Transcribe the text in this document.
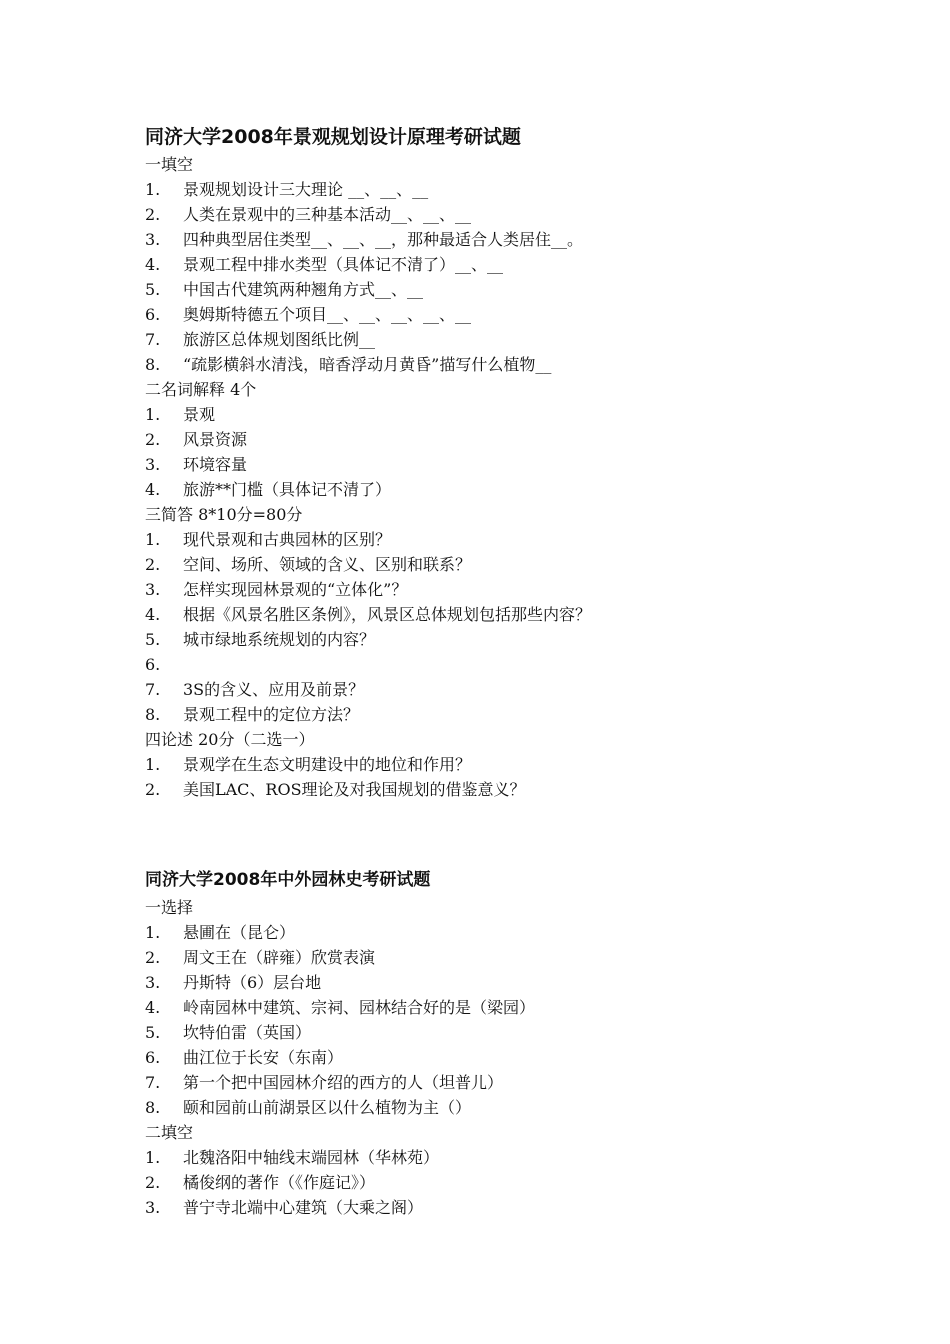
同济大学2008年景观规划设计原理考研试题
一填空
1.	景观规划设计三大理论 __、__、__
2.	人类在景观中的三种基本活动__、__、__
3.	四种典型居住类型__、__、__，那种最适合人类居住__。
4.	景观工程中排水类型（具体记不清了）__、__
5.	中国古代建筑两种翘角方式__、__
6.	奥姆斯特德五个项目__、__、__、__、__
7.	旅游区总体规划图纸比例__
8.	“疏影横斜水清浅，暗香浮动月黄昏”描写什么植物__
二名词解释 4个
1.	景观
2.	风景资源
3.	环境容量
4.	旅游**门槛（具体记不清了）
三简答 8*10分=80分
1.	现代景观和古典园林的区别？
2.	空间、场所、领域的含义、区别和联系？
3.	怎样实现园林景观的“立体化”？
4.	根据《风景名胜区条例》，风景区总体规划包括那些内容？
5.	城市绿地系统规划的内容？
6.
7.	3S的含义、应用及前景？
8.	景观工程中的定位方法？
四论述 20分（二选一）
1.	景观学在生态文明建设中的地位和作用？
2.	美国LAC、ROS理论及对我国规划的借鉴意义？
同济大学2008年中外园林史考研试题
一选择
1.	悬圃在（昆仑）
2.	周文王在（辟雍）欣赏表演
3.	丹斯特（6）层台地
4.	岭南园林中建筑、宗祠、园林结合好的是（梁园）
5.	坎特伯雷（英国）
6.	曲江位于长安（东南）
7.	第一个把中国园林介绍的西方的人（坦普儿）
8.	颐和园前山前湖景区以什么植物为主（）
二填空
1.	北魏洛阳中轴线末端园林（华林苑）
2.	橘俊纲的著作（《作庭记》）
3.	普宁寺北端中心建筑（大乘之阁）
